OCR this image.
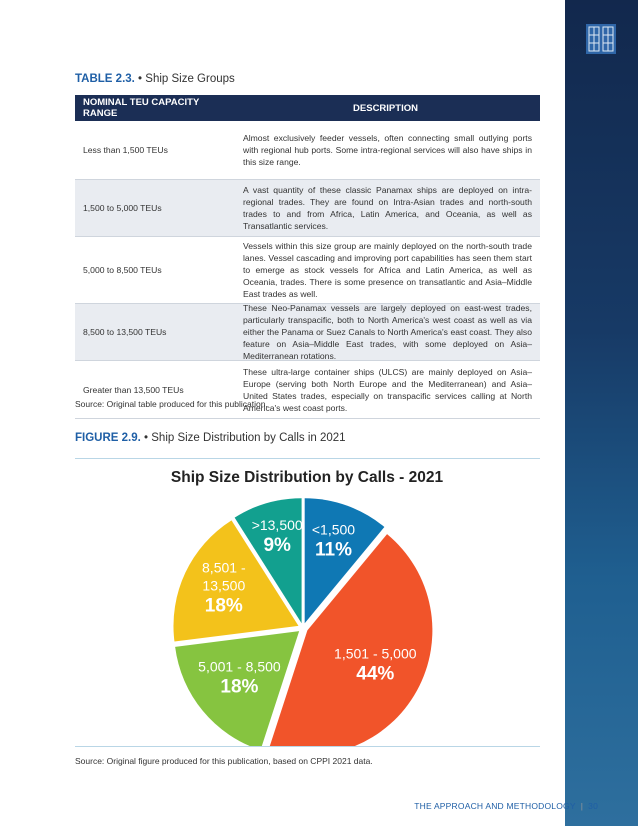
TABLE 2.3. • Ship Size Groups
NOMINAL TEU CAPACITY RANGE	DESCRIPTION
Less than 1,500 TEUs
Almost exclusively feeder vessels, often connecting small outlying ports with regional hub ports. Some intra-regional services will also have ships in this size range.
1,500 to 5,000 TEUs
A vast quantity of these classic Panamax ships are deployed on intra-regional trades. They are found on Intra-Asian trades and north-south trades to and from Africa, Latin America, and Oceania, as well as Transatlantic services.
5,000 to 8,500 TEUs
Vessels within this size group are mainly deployed on the north-south trade lanes. Vessel cascading and improving port capabilities has seen them start to emerge as stock vessels for Africa and Latin America, as well as Oceania, trades. There is some presence on transatlantic and Asia–Middle East trades as well.
8,500 to 13,500 TEUs
These Neo-Panamax vessels are largely deployed on east-west trades, particularly transpacific, both to North America's west coast as well as via either the Panama or Suez Canals to North America's east coast. They also feature on Asia–Middle East trades, with some deployed on Asia–Mediterranean rotations.
Greater than 13,500 TEUs
These ultra-large container ships (ULCS) are mainly deployed on Asia–Europe (serving both North Europe and the Mediterranean) and Asia–United States trades, especially on transpacific services calling at North America's west coast ports.
Source: Original table produced for this publication.
FIGURE 2.9. • Ship Size Distribution by Calls in 2021
Ship Size Distribution by Calls - 2021
<1,500
11%
1,501 - 5,000
44%
5,001 - 8,500
18%
8,501 -
13,500
18%
>13,500
9%
Source: Original figure produced for this publication, based on CPPI 2021 data.
THE APPROACH AND METHODOLOGY | 30
